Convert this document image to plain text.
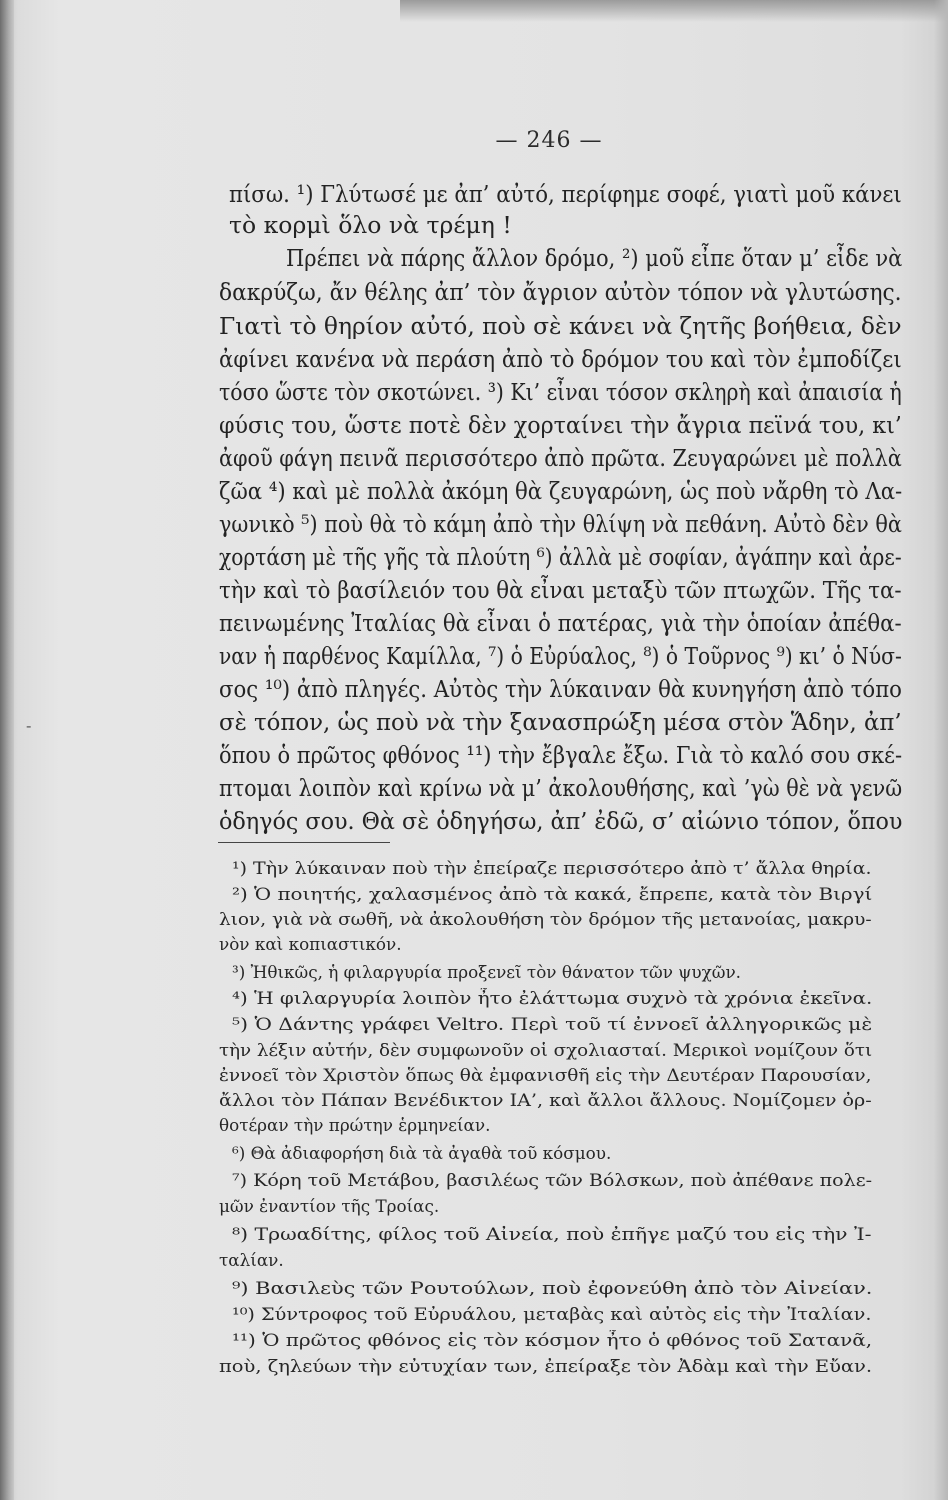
— 246 —
-
πίσω. ¹) Γλύτωσέ με ἀπ’ αὐτό, περίφημε σοφέ, γιατὶ μοῦ κάνει
τὸ κορμὶ ὅλο νὰ τρέμη !
Πρέπει νὰ πάρης ἄλλον δρόμο, ²) μοῦ εἶπε ὅταν μ’ εἶδε νὰ
δακρύζω, ἄν θέλης ἀπ’ τὸν ἄγριον αὐτὸν τόπον νὰ γλυτώσης.
Γιατὶ τὸ θηρίον αὐτό, ποὺ σὲ κάνει νὰ ζητῆς βοήθεια, δὲν
ἀφίνει κανένα νὰ περάση ἀπὸ τὸ δρόμον του καὶ τὸν ἐμποδίζει
τόσο ὥστε τὸν σκοτώνει. ³) Κι’ εἶναι τόσον σκληρὴ καὶ ἀπαισία ἡ
φύσις του, ὥστε ποτὲ δὲν χορταίνει τὴν ἄγρια πεϊνά του, κι’
ἀφοῦ φάγη πεινᾶ περισσότερο ἀπὸ πρῶτα. Ζευγαρώνει μὲ πολλὰ
ζῶα ⁴) καὶ μὲ πολλὰ ἀκόμη θὰ ζευγαρώνη, ὡς ποὺ νἄρθη τὸ Λα-
γωνικὸ ⁵) ποὺ θὰ τὸ κάμη ἀπὸ τὴν θλίψη νὰ πεθάνη. Αὐτὸ δὲν θὰ
χορτάση μὲ τῆς γῆς τὰ πλούτη ⁶) ἀλλὰ μὲ σοφίαν, ἀγάπην καὶ ἀρε-
τὴν καὶ τὸ βασίλειόν του θὰ εἶναι μεταξὺ τῶν πτωχῶν. Τῆς τα-
πεινωμένης Ἰταλίας θὰ εἶναι ὁ πατέρας, γιὰ τὴν ὁποίαν ἀπέθα-
ναν ἡ παρθένος Καμίλλα, ⁷) ὁ Εὐρύαλος, ⁸) ὁ Τοῦρνος ⁹) κι’ ὁ Νύσ-
σος ¹⁰) ἀπὸ πληγές. Αὐτὸς τὴν λύκαιναν θὰ κυνηγήση ἀπὸ τόπο
σὲ τόπον, ὡς ποὺ νὰ τὴν ξανασπρώξη μέσα στὸν Ἅδην, ἀπ’
ὅπου ὁ πρῶτος φθόνος ¹¹) τὴν ἔβγαλε ἔξω. Γιὰ τὸ καλό σου σκέ-
πτομαι λοιπὸν καὶ κρίνω νὰ μ’ ἀκολουθήσης, καὶ ’γὼ θὲ νὰ γενῶ
ὁδηγός σου. Θὰ σὲ ὁδηγήσω, ἀπ’ ἐδῶ, σ’ αἰώνιο τόπον, ὅπου
¹) Τὴν λύκαιναν ποὺ τὴν ἐπείραζε περισσότερο ἀπὸ τ’ ἄλλα θηρία.
²) Ὁ ποιητής, χαλασμένος ἀπὸ τὰ κακά, ἔπρεπε, κατὰ τὸν Βιργί
λιον, γιὰ νὰ σωθῆ, νὰ ἀκολουθήση τὸν δρόμον τῆς μετανοίας, μακρυ-
νὸν καὶ κοπιαστικόν.
³) Ἠθικῶς, ἡ φιλαργυρία προξενεῖ τὸν θάνατον τῶν ψυχῶν.
⁴) Ἡ φιλαργυρία λοιπὸν ἦτο ἐλάττωμα συχνὸ τὰ χρόνια ἐκεῖνα.
⁵) Ὁ Δάντης γράφει Veltro. Περὶ τοῦ τί ἐννοεῖ ἀλληγορικῶς μὲ
τὴν λέξιν αὐτήν, δὲν συμφωνοῦν οἱ σχολιασταί. Μερικοὶ νομίζουν ὅτι
ἐννοεῖ τὸν Χριστὸν ὅπως θὰ ἐμφανισθῆ εἰς τὴν Δευτέραν Παρουσίαν,
ἄλλοι τὸν Πάπαν Βενέδικτον ΙΑ’, καὶ ἄλλοι ἄλλους. Νομίζομεν ὀρ-
θοτέραν τὴν πρώτην ἑρμηνείαν.
⁶) Θὰ ἀδιαφορήση διὰ τὰ ἀγαθὰ τοῦ κόσμου.
⁷) Κόρη τοῦ Μετάβου, βασιλέως τῶν Βόλσκων, ποὺ ἀπέθανε πολε-
μῶν ἐναντίον τῆς Τροίας.
⁸) Τρωαδίτης, φίλος τοῦ Αἰνεία, ποὺ ἐπῆγε μαζύ του εἰς τὴν Ἰ-
ταλίαν.
⁹) Βασιλεὺς τῶν Ρουτούλων, ποὺ ἐφονεύθη ἀπὸ τὸν Αἰνείαν.
¹⁰) Σύντροφος τοῦ Εὐρυάλου, μεταβὰς καὶ αὐτὸς εἰς τὴν Ἰταλίαν.
¹¹) Ὁ πρῶτος φθόνος εἰς τὸν κόσμον ἦτο ὁ φθόνος τοῦ Σατανᾶ,
ποὺ, ζηλεύων τὴν εὐτυχίαν των, ἐπείραξε τὸν Ἀδὰμ καὶ τὴν Εὔαν.
